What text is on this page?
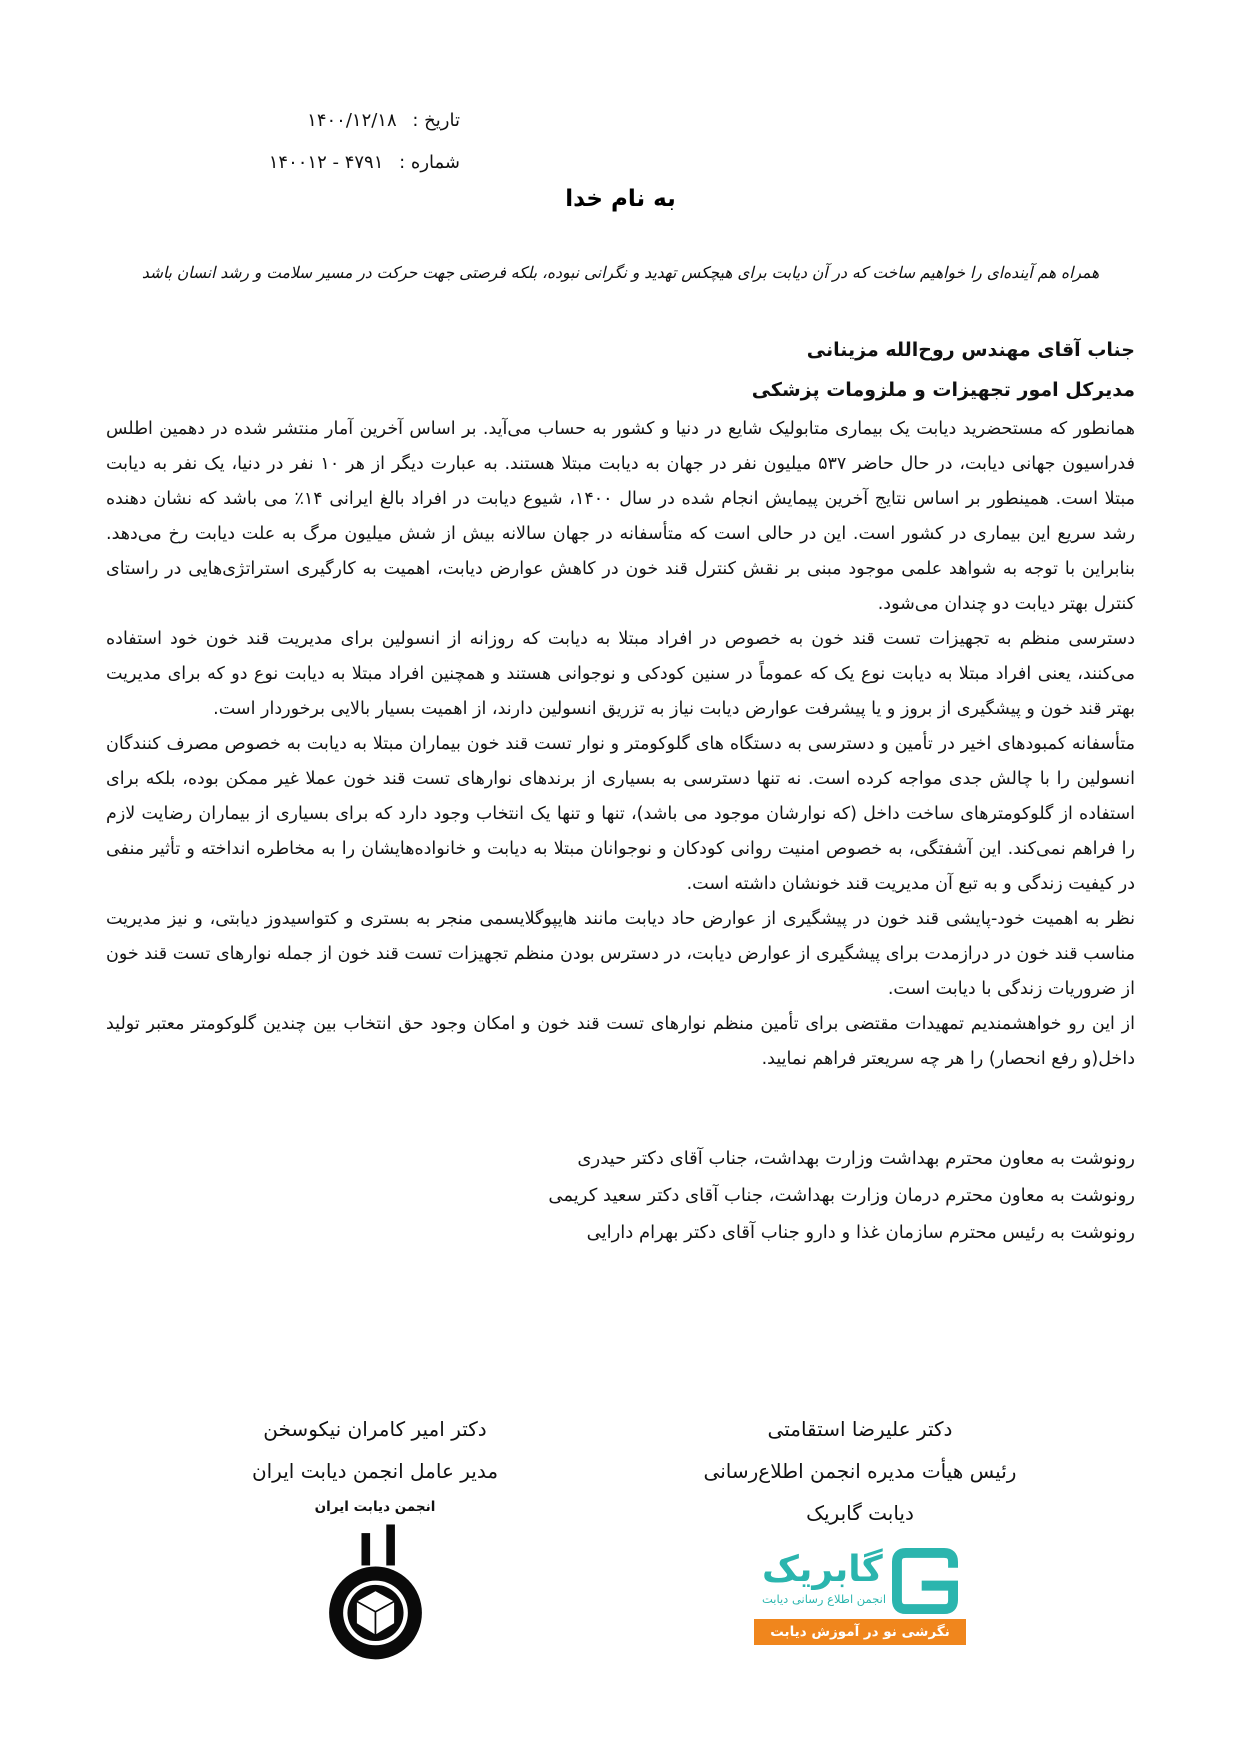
تاریخ : ۱۴۰۰/۱۲/۱۸
شماره : ۴۷۹۱ - ۱۴۰۰۱۲
به نام خدا
همراه هم آینده‌ای را خواهیم ساخت که در آن دیابت برای هیچکس تهدید و نگرانی نبوده، بلکه فرصتی جهت حرکت در مسیر سلامت و رشد انسان باشد
جناب آقای مهندس روح‌الله مزینانی
مدیرکل امور تجهیزات و ملزومات پزشکی

همانطور که مستحضرید دیابت یک بیماری متابولیک شایع در دنیا و کشور به حساب می‌آید. بر اساس آخرین آمار منتشر شده در دهمین اطلس فدراسیون جهانی دیابت، در حال حاضر ۵۳۷ میلیون نفر در جهان به دیابت مبتلا هستند. به عبارت دیگر از هر ۱۰ نفر در دنیا، یک نفر به دیابت مبتلا است. همینطور بر اساس نتایج آخرین پیمایش انجام شده در سال ۱۴۰۰، شیوع دیابت در افراد بالغ ایرانی ۱۴٪ می باشد که نشان دهنده رشد سریع این بیماری در کشور است. این در حالی است که متأسفانه در جهان سالانه بیش از شش میلیون مرگ به علت دیابت رخ می‌دهد. بنابراین با توجه به شواهد علمی موجود مبنی بر نقش کنترل قند خون در کاهش عوارض دیابت، اهمیت به کارگیری استراتژی‌هایی در راستای کنترل بهتر دیابت دو چندان می‌شود.

دسترسی منظم به تجهیزات تست قند خون به خصوص در افراد مبتلا به دیابت که روزانه از انسولین برای مدیریت قند خون خود استفاده می‌کنند، یعنی افراد مبتلا به دیابت نوع یک که عموماً در سنین کودکی و نوجوانی هستند و همچنین افراد مبتلا به دیابت نوع دو که برای مدیریت بهتر قند خون و پیشگیری از بروز و یا پیشرفت عوارض دیابت نیاز به تزریق انسولین دارند، از اهمیت بسیار بالایی برخوردار است.

متأسفانه کمبودهای اخیر در تأمین و دسترسی به دستگاه های گلوکومتر و نوار تست قند خون بیماران مبتلا به دیابت به خصوص مصرف کنندگان انسولین را با چالش جدی مواجه کرده است. نه تنها دسترسی به بسیاری از برندهای نوارهای تست قند خون عملا غیر ممکن بوده، بلکه برای استفاده از گلوکومترهای ساخت داخل (که نوارشان موجود می باشد)، تنها و تنها یک انتخاب وجود دارد که برای بسیاری از بیماران رضایت لازم را فراهم نمی‌کند. این آشفتگی، به خصوص امنیت روانی کودکان و نوجوانان مبتلا به دیابت و خانواده‌هایشان را به مخاطره انداخته و تأثیر منفی در کیفیت زندگی و به تبع آن مدیریت قند خونشان داشته است.

نظر به اهمیت خود-پایشی قند خون در پیشگیری از عوارض حاد دیابت مانند هایپوگلایسمی منجر به بستری و کتواسیدوز دیابتی، و نیز مدیریت مناسب قند خون در درازمدت برای پیشگیری از عوارض دیابت، در دسترس بودن منظم تجهیزات تست قند خون از جمله نوارهای تست قند خون از ضروریات زندگی با دیابت است.

از این رو خواهشمندیم تمهیدات مقتضی برای تأمین منظم نوارهای تست قند خون و امکان وجود حق انتخاب بین چندین گلوکومتر معتبر تولید داخل(و رفع انحصار) را هر چه سریعتر فراهم نمایید.

رونوشت به معاون محترم بهداشت وزارت بهداشت، جناب آقای دکتر حیدری
رونوشت به معاون محترم درمان وزارت بهداشت، جناب آقای دکتر سعید کریمی
رونوشت به رئیس محترم سازمان غذا و دارو جناب آقای دکتر بهرام دارایی
دکتر علیرضا استقامتی
رئیس هیأت مدیره انجمن اطلاع‌رسانی
دیابت گابریک
گابریک
انجمن اطلاع رسانی دیابت
نگرشی نو در آموزش دیابت
دکتر امیر کامران نیکوسخن
مدیر عامل انجمن دیابت ایران
انجمن دیابت ایران
